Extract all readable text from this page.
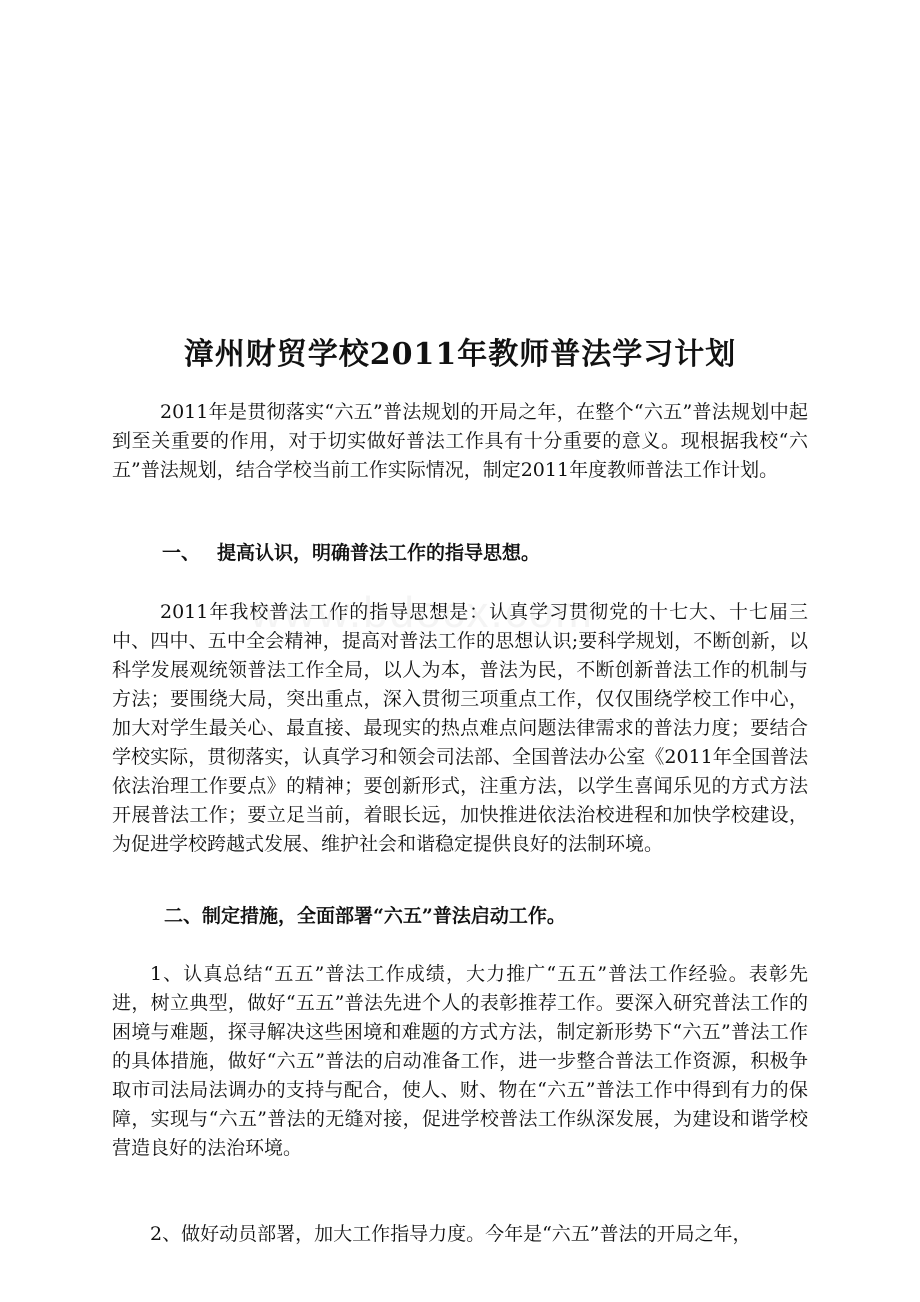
漳州财贸学校2011年教师普法学习计划

2011年是贯彻落实“六五”普法规划的开局之年，在整个“六五”普法规划中起到至关重要的作用，对于切实做好普法工作具有十分重要的意义。现根据我校“六五”普法规划，结合学校当前工作实际情况，制定2011年度教师普法工作计划。

一、 提高认识，明确普法工作的指导思想。

2011年我校普法工作的指导思想是：认真学习贯彻党的十七大、十七届三中、四中、五中全会精神，提高对普法工作的思想认识;要科学规划，不断创新，以科学发展观统领普法工作全局，以人为本，普法为民，不断创新普法工作的机制与方法；要围绕大局，突出重点，深入贯彻三项重点工作，仅仅围绕学校工作中心，加大对学生最关心、最直接、最现实的热点难点问题法律需求的普法力度；要结合学校实际，贯彻落实，认真学习和领会司法部、全国普法办公室《2011年全国普法依法治理工作要点》的精神；要创新形式，注重方法，以学生喜闻乐见的方式方法开展普法工作；要立足当前，着眼长远，加快推进依法治校进程和加快学校建设，为促进学校跨越式发展、维护社会和谐稳定提供良好的法制环境。

二、制定措施，全面部署“六五”普法启动工作。

1、认真总结“五五”普法工作成绩，大力推广“五五”普法工作经验。表彰先进，树立典型，做好“五五”普法先进个人的表彰推荐工作。要深入研究普法工作的困境与难题，探寻解决这些困境和难题的方式方法，制定新形势下“六五”普法工作的具体措施，做好“六五”普法的启动准备工作，进一步整合普法工作资源，积极争取市司法局法调办的支持与配合，使人、财、物在“六五”普法工作中得到有力的保障，实现与“六五”普法的无缝对接，促进学校普法工作纵深发展，为建设和谐学校营造良好的法治环境。

2、做好动员部署，加大工作指导力度。今年是“六五”普法的开局之年，
